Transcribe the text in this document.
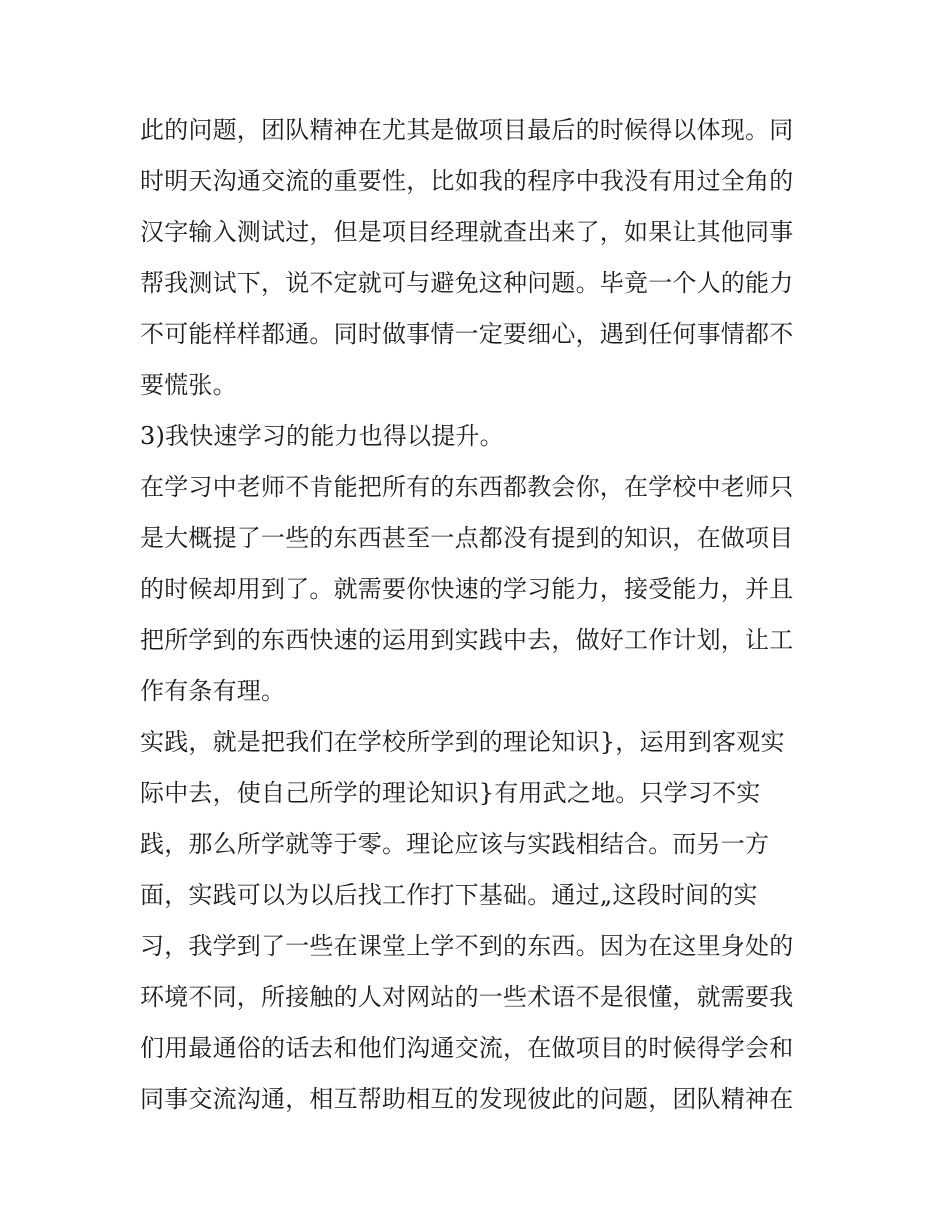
此的问题，团队精神在尤其是做项目最后的时候得以体现。同
时明天沟通交流的重要性，比如我的程序中我没有用过全角的
汉字输入测试过，但是项目经理就查出来了，如果让其他同事
帮我测试下，说不定就可与避免这种问题。毕竟一个人的能力
不可能样样都通。同时做事情一定要细心，遇到任何事情都不
要慌张。
3)我快速学习的能力也得以提升。
在学习中老师不肯能把所有的东西都教会你，在学校中老师只
是大概提了一些的东西甚至一点都没有提到的知识，在做项目
的时候却用到了。就需要你快速的学习能力，接受能力，并且
把所学到的东西快速的运用到实践中去，做好工作计划，让工
作有条有理。
实践，就是把我们在学校所学到的理论知识}，运用到客观实
际中去，使自己所学的理论知识}有用武之地。只学习不实
践，那么所学就等于零。理论应该与实践相结合。而另一方
面，实践可以为以后找工作打下基础。通过„这段时间的实
习，我学到了一些在课堂上学不到的东西。因为在这里身处的
环境不同，所接触的人对网站的一些术语不是很懂，就需要我
们用最通俗的话去和他们沟通交流，在做项目的时候得学会和
同事交流沟通，相互帮助相互的发现彼此的问题，团队精神在
